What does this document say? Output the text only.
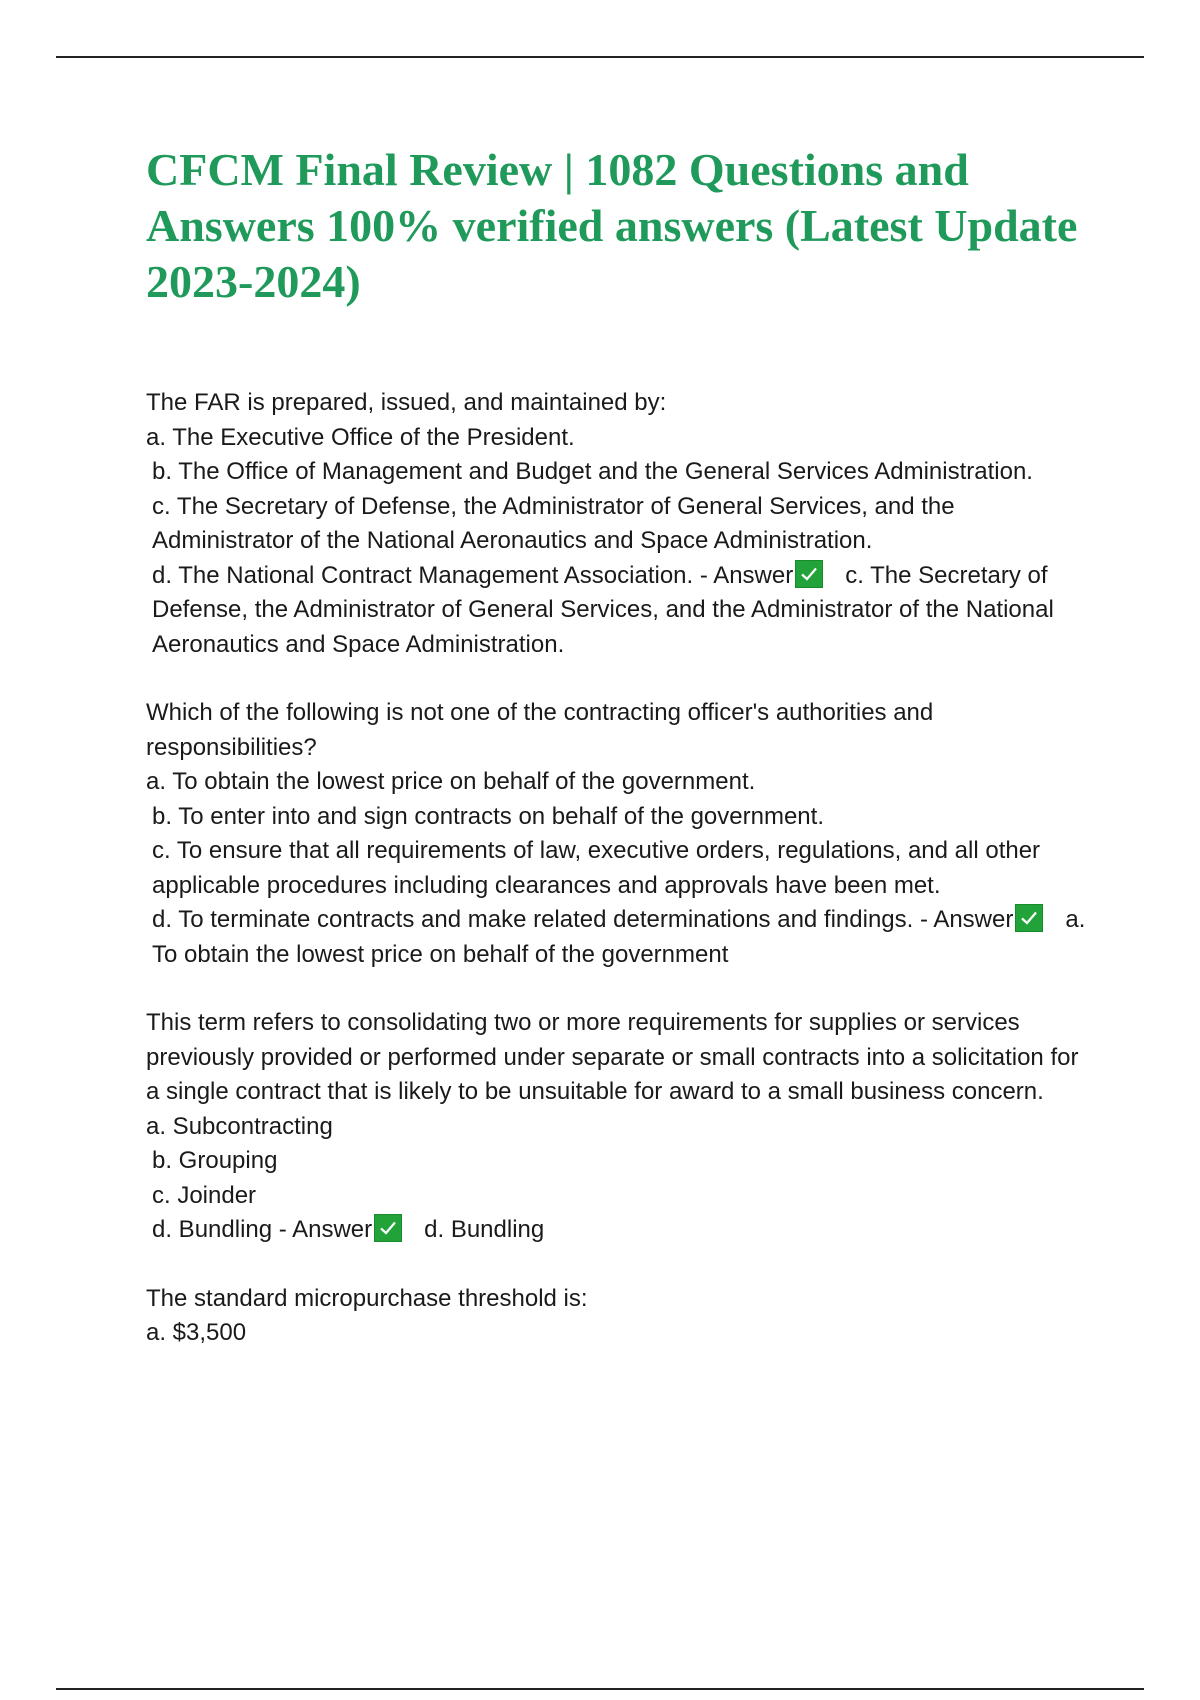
CFCM Final Review | 1082 Questions and Answers 100% verified answers (Latest Update 2023-2024)
The FAR is prepared, issued, and maintained by:
a. The Executive Office of the President.
b. The Office of Management and Budget and the General Services Administration.
c. The Secretary of Defense, the Administrator of General Services, and the Administrator of the National Aeronautics and Space Administration.
d. The National Contract Management Association. - Answer c. The Secretary of Defense, the Administrator of General Services, and the Administrator of the National Aeronautics and Space Administration.
Which of the following is not one of the contracting officer's authorities and responsibilities?
a. To obtain the lowest price on behalf of the government.
b. To enter into and sign contracts on behalf of the government.
c. To ensure that all requirements of law, executive orders, regulations, and all other applicable procedures including clearances and approvals have been met.
d. To terminate contracts and make related determinations and findings. - Answer a. To obtain the lowest price on behalf of the government
This term refers to consolidating two or more requirements for supplies or services previously provided or performed under separate or small contracts into a solicitation for a single contract that is likely to be unsuitable for award to a small business concern.
a. Subcontracting
b. Grouping
c. Joinder
d. Bundling - Answer d. Bundling
The standard micropurchase threshold is:
a. $3,500
